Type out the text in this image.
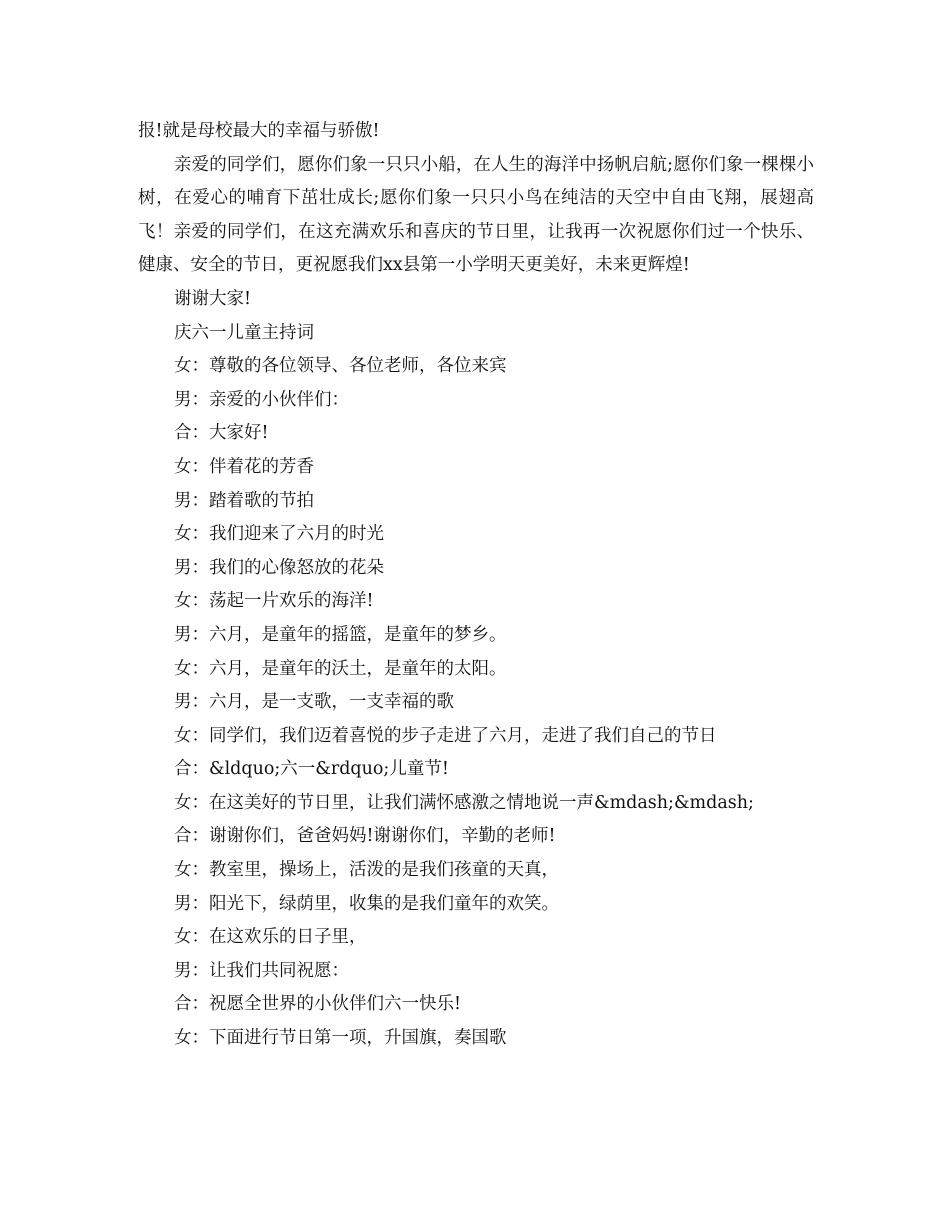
报!就是母校最大的幸福与骄傲!

亲爱的同学们，愿你们象一只只小船，在人生的海洋中扬帆启航;愿你们象一棵棵小树，在爱心的哺育下茁壮成长;愿你们象一只只小鸟在纯洁的天空中自由飞翔，展翅高飞！亲爱的同学们，在这充满欢乐和喜庆的节日里，让我再一次祝愿你们过一个快乐、健康、安全的节日，更祝愿我们xx县第一小学明天更美好，未来更辉煌!

谢谢大家!

庆六一儿童主持词

女：尊敬的各位领导、各位老师，各位来宾

男：亲爱的小伙伴们：

合：大家好!

女：伴着花的芳香

男：踏着歌的节拍

女：我们迎来了六月的时光

男：我们的心像怒放的花朵

女：荡起一片欢乐的海洋!

男：六月，是童年的摇篮，是童年的梦乡。

女：六月，是童年的沃土，是童年的太阳。

男：六月，是一支歌，一支幸福的歌

女：同学们，我们迈着喜悦的步子走进了六月，走进了我们自己的节日

合：&ldquo;六一&rdquo;儿童节!

女：在这美好的节日里，让我们满怀感激之情地说一声&mdash;&mdash;

合：谢谢你们，爸爸妈妈!谢谢你们，辛勤的老师!

女：教室里，操场上，活泼的是我们孩童的天真，

男：阳光下，绿荫里，收集的是我们童年的欢笑。

女：在这欢乐的日子里，

男：让我们共同祝愿：

合：祝愿全世界的小伙伴们六一快乐!

女：下面进行节日第一项，升国旗，奏国歌
